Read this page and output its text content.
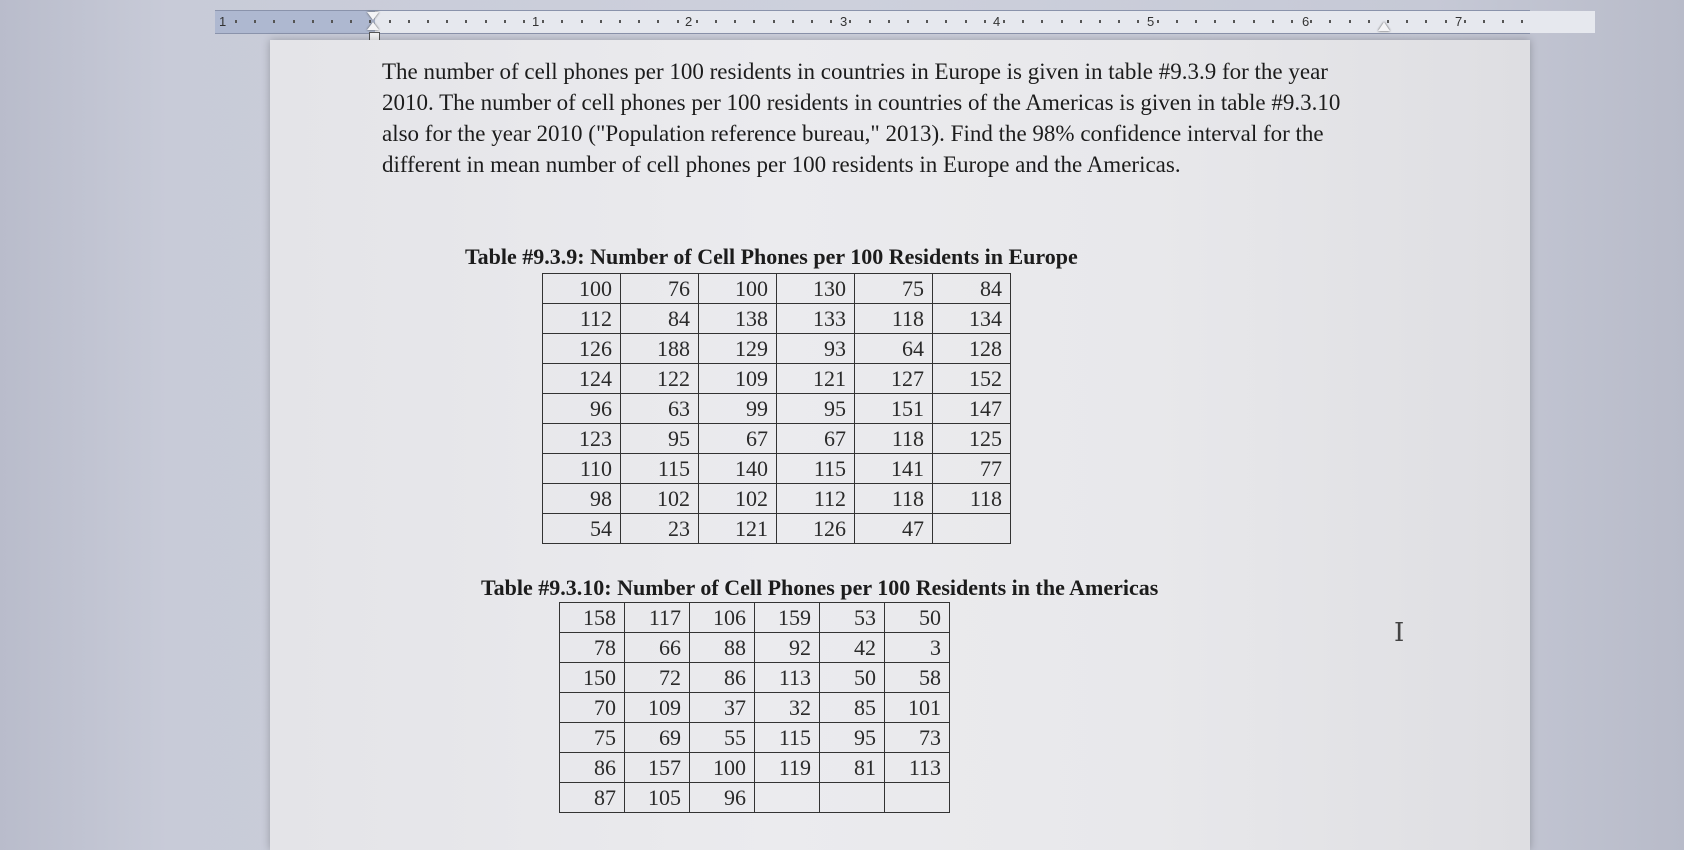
1	1	2	3	4	5	6	7

The number of cell phones per 100 residents in countries in Europe is given in table #9.3.9 for the year 2010. The number of cell phones per 100 residents in countries of the Americas is given in table #9.3.10 also for the year 2010 ("Population reference bureau," 2013). Find the 98% confidence interval for the different in mean number of cell phones per 100 residents in Europe and the Americas.

Table #9.3.9: Number of Cell Phones per 100 Residents in Europe
100	76	100	130	75	84
112	84	138	133	118	134
126	188	129	93	64	128
124	122	109	121	127	152
96	63	99	95	151	147
123	95	67	67	118	125
110	115	140	115	141	77
98	102	102	112	118	118
54	23	121	126	47	
Table #9.3.10: Number of Cell Phones per 100 Residents in the Americas
158	117	106	159	53	50
78	66	88	92	42	3
150	72	86	113	50	58
70	109	37	32	85	101
75	69	55	115	95	73
86	157	100	119	81	113
87	105	96			
I
